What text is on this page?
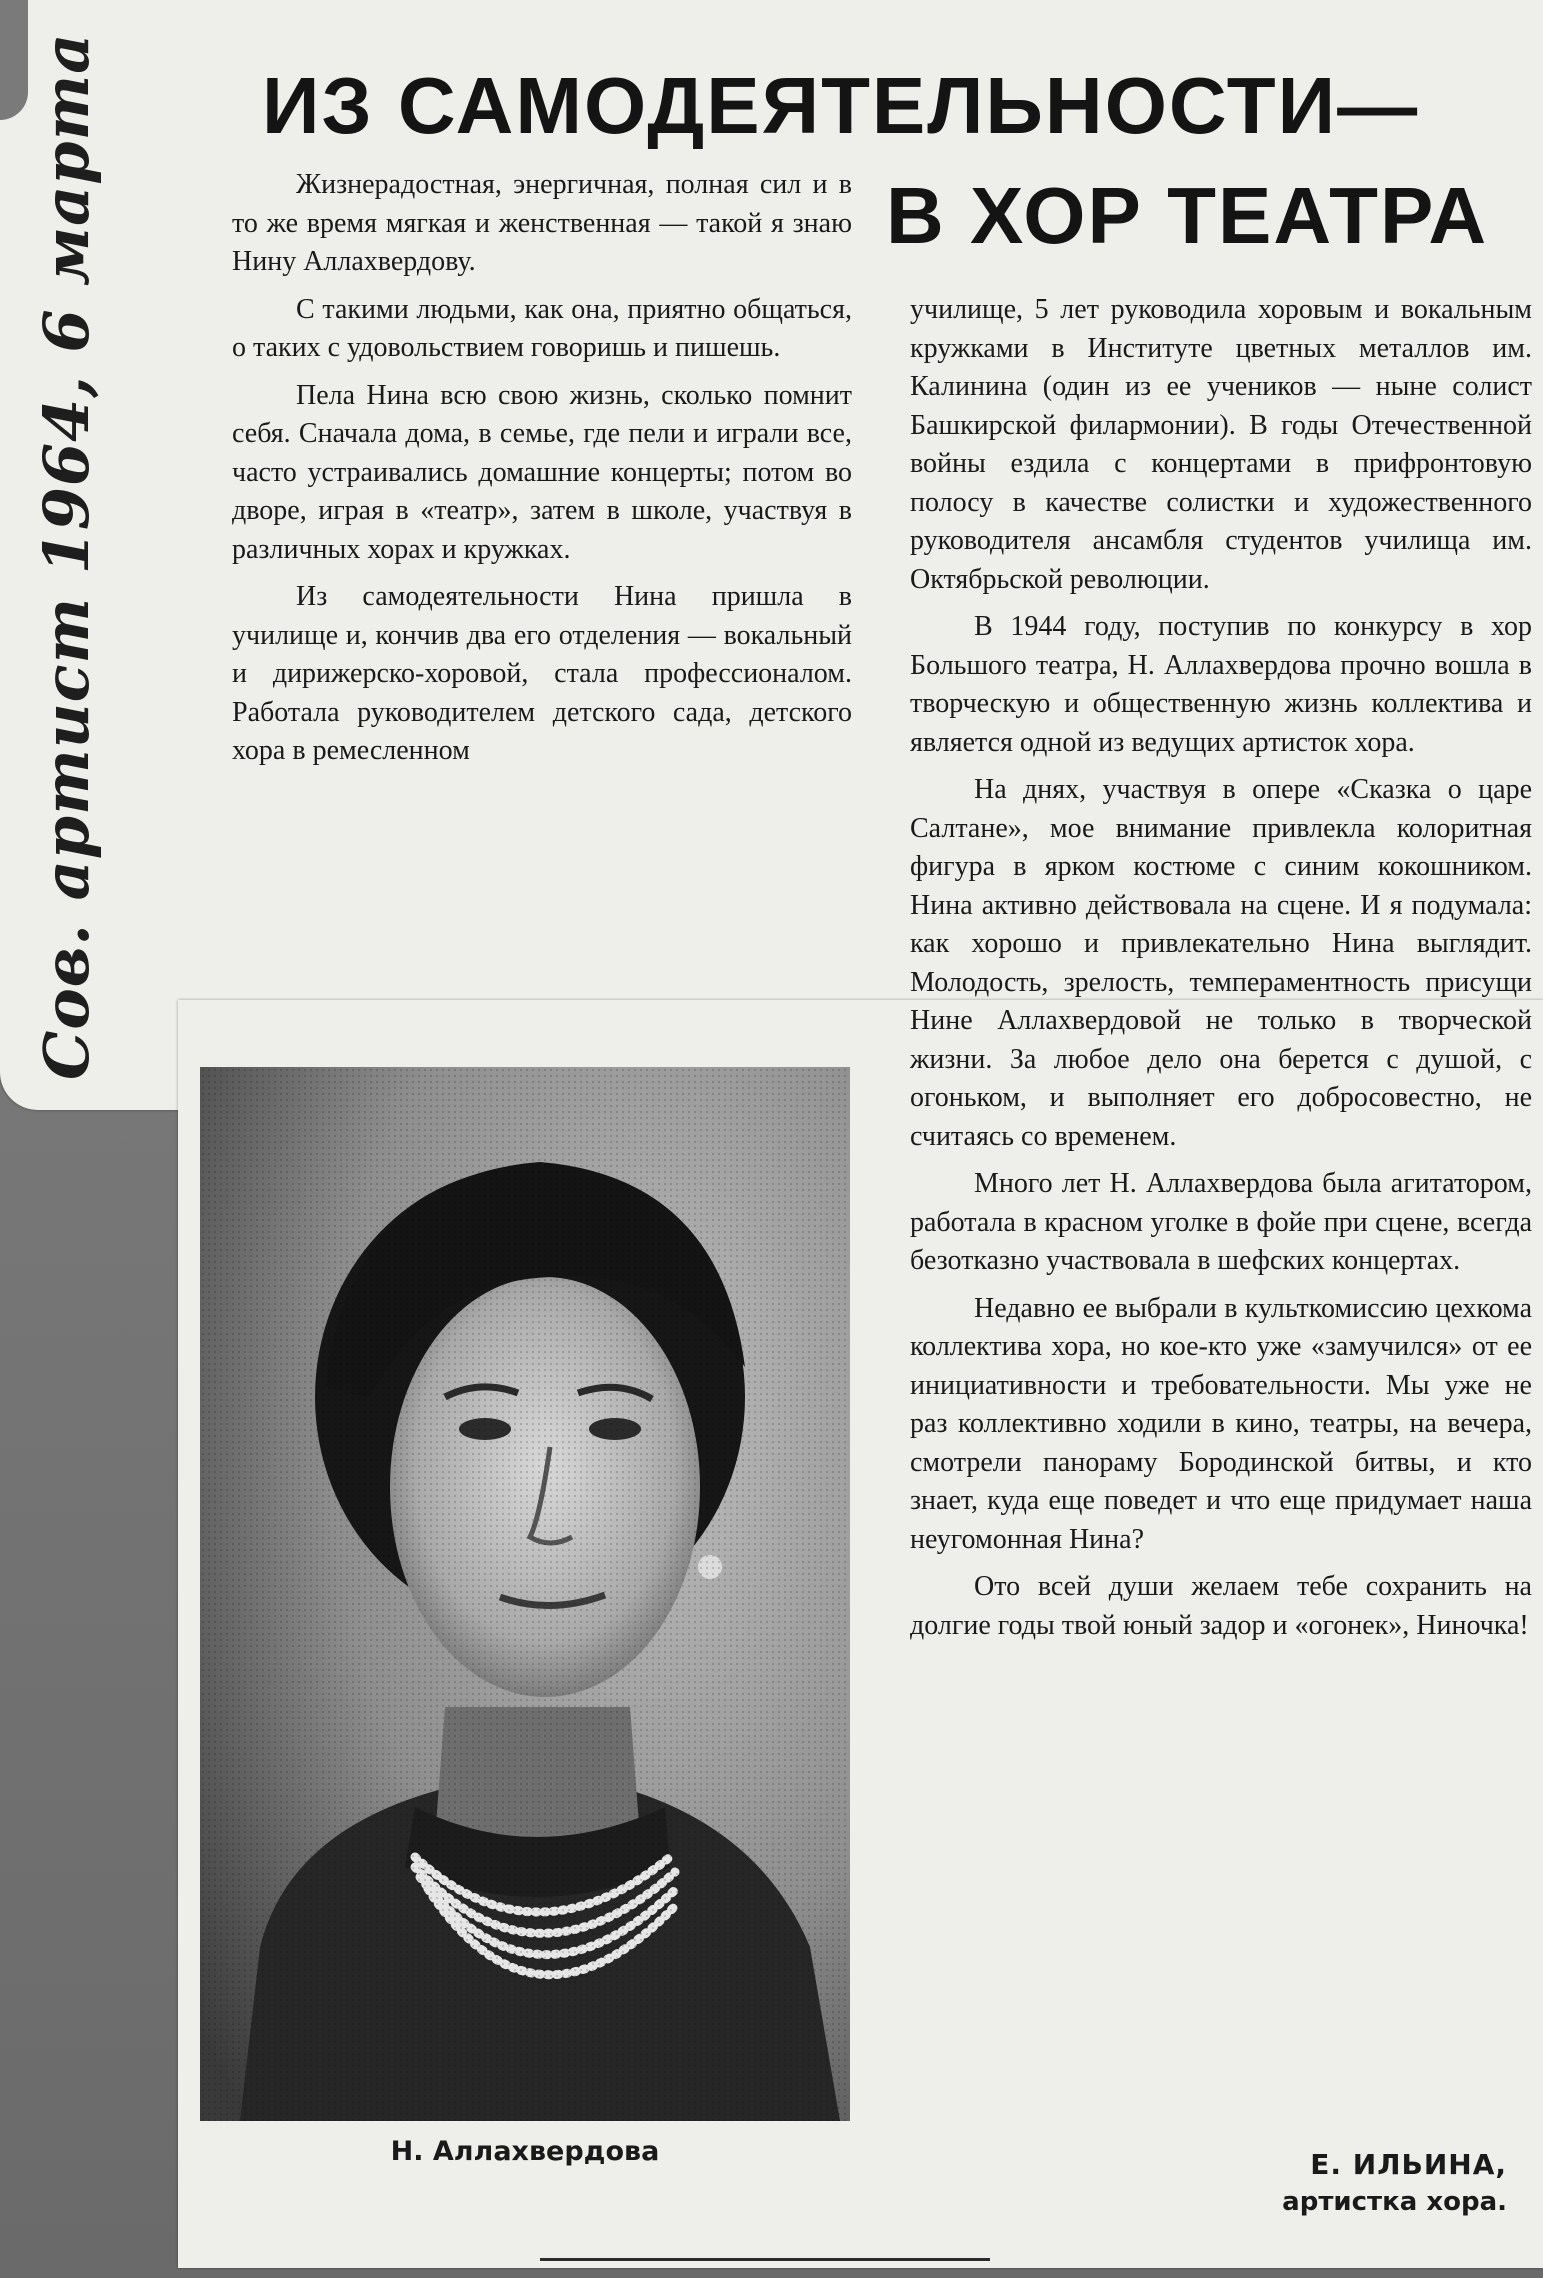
Сов. артист 1964, 6 марта ИЗ САМОДЕЯТЕЛЬНОСТИ—
В ХОР ТЕАТРА

Жизнерадостная, энергичная, полная сил и в то же время мягкая и женственная — такой я знаю Нину Аллахвердову.

С такими людьми, как она, приятно общаться, о таких с удовольствием говоришь и пишешь.

Пела Нина всю свою жизнь, сколько помнит себя. Сначала дома, в семье, где пели и играли все, часто устраивались домашние концерты; потом во дворе, играя в «театр», затем в школе, участвуя в различных хорах и кружках.

Из самодеятельности Нина пришла в училище и, кончив два его отделения — вокальный и дирижерско-хоровой, стала профессионалом. Работала руководителем детского сада, детского хора в ремесленном

училище, 5 лет руководила хоровым и вокальным кружками в Институте цветных металлов им. Калинина (один из ее учеников — ныне солист Башкирской филармонии). В годы Отечественной войны ездила с концертами в прифронтовую полосу в качестве солистки и художественного руководителя ансамбля студентов училища им. Октябрьской революции.

В 1944 году, поступив по конкурсу в хор Большого театра, Н. Аллахвердова прочно вошла в творческую и общественную жизнь коллектива и является одной из ведущих артисток хора.

На днях, участвуя в опере «Сказка о царе Салтане», мое внимание привлекла колоритная фигура в ярком костюме с синим кокошником. Нина активно действовала на сцене. И я подумала: как хорошо и привлекательно Нина выглядит. Молодость, зрелость, темпераментность присущи Нине Аллахвердовой не только в творческой жизни. За любое дело она берется с душой, с огоньком, и выполняет его добросовестно, не считаясь со временем.

Много лет Н. Аллахвердова была агитатором, работала в красном уголке в фойе при сцене, всегда безотказно участвовала в шефских концертах.

Недавно ее выбрали в культкомиссию цехкома коллектива хора, но кое-кто уже «замучился» от ее инициативности и требовательности. Мы уже не раз коллективно ходили в кино, театры, на вечера, смотрели панораму Бородинской битвы, и кто знает, куда еще поведет и что еще придумает наша неугомонная Нина?

Ото всей души желаем тебе сохранить на долгие годы твой юный задор и «огонек», Ниночка!

Н. Аллахвердова	Е. ИЛЬИНА,
артистка хора.
